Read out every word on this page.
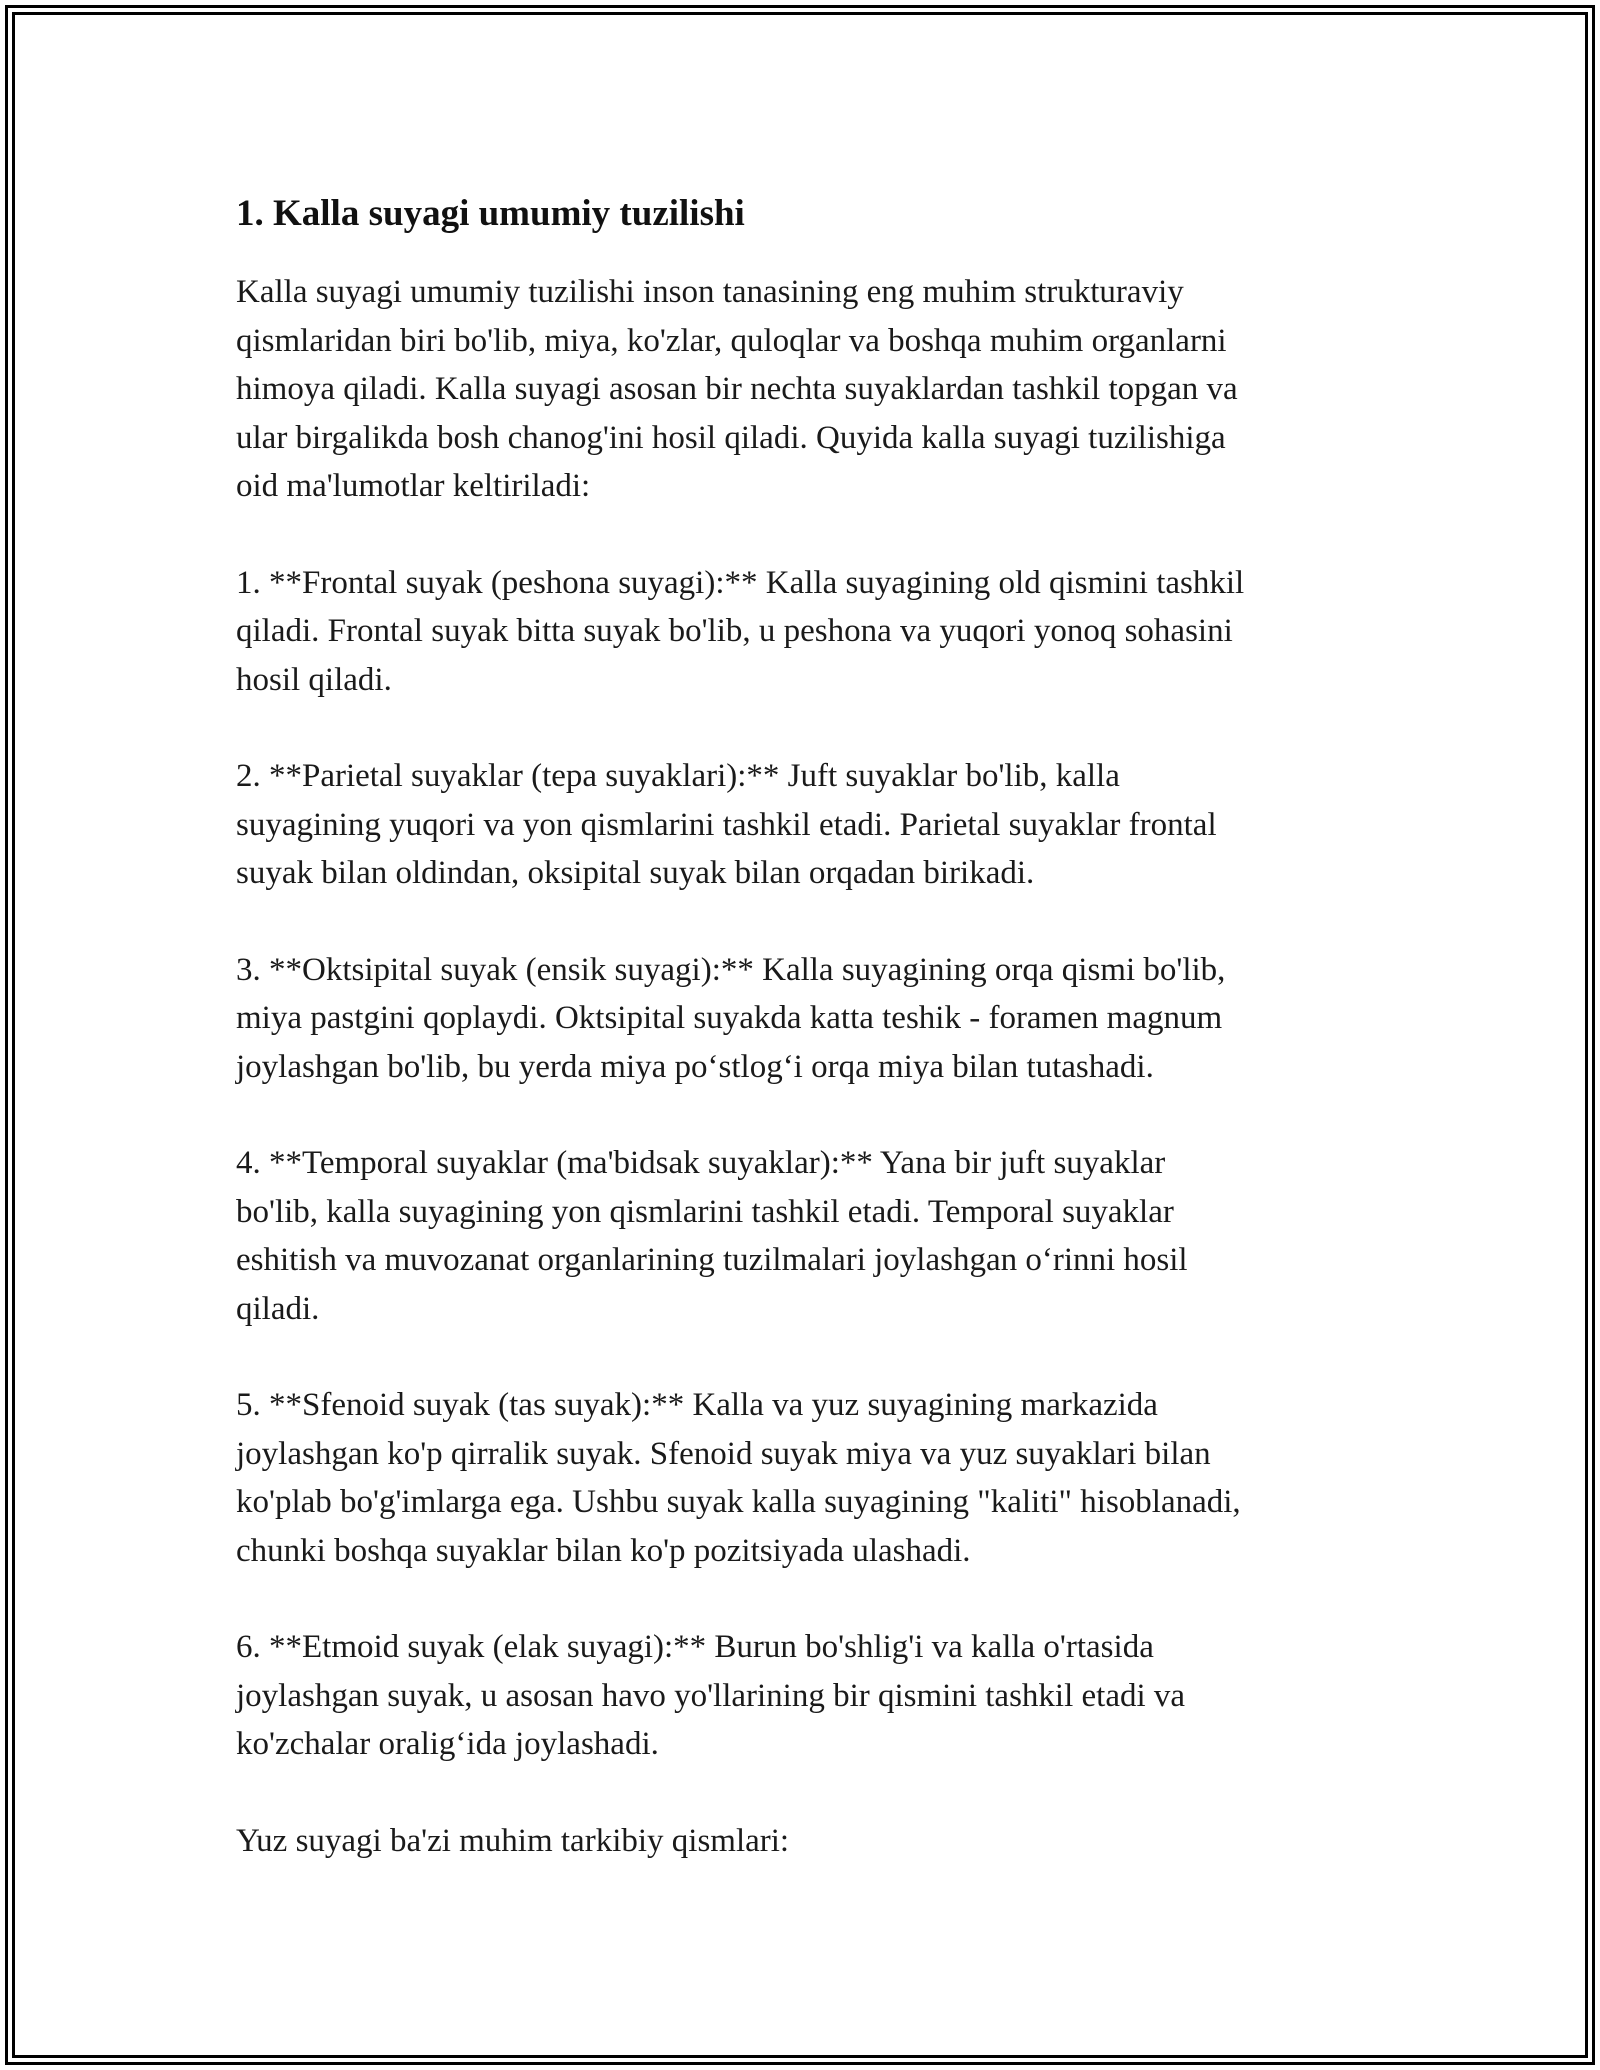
1. Kalla suyagi umumiy tuzilishi

Kalla suyagi umumiy tuzilishi inson tanasining eng muhim strukturaviy
qismlaridan biri bo'lib, miya, ko'zlar, quloqlar va boshqa muhim organlarni
himoya qiladi. Kalla suyagi asosan bir nechta suyaklardan tashkil topgan va
ular birgalikda bosh chanog'ini hosil qiladi. Quyida kalla suyagi tuzilishiga
oid ma'lumotlar keltiriladi:

1. **Frontal suyak (peshona suyagi):** Kalla suyagining old qismini tashkil
qiladi. Frontal suyak bitta suyak bo'lib, u peshona va yuqori yonoq sohasini
hosil qiladi.

2. **Parietal suyaklar (tepa suyaklari):** Juft suyaklar bo'lib, kalla
suyagining yuqori va yon qismlarini tashkil etadi. Parietal suyaklar frontal
suyak bilan oldindan, oksipital suyak bilan orqadan birikadi.

3. **Oktsipital suyak (ensik suyagi):** Kalla suyagining orqa qismi bo'lib,
miya pastgini qoplaydi. Oktsipital suyakda katta teshik - foramen magnum
joylashgan bo'lib, bu yerda miya po‘stlog‘i orqa miya bilan tutashadi.

4. **Temporal suyaklar (ma'bidsak suyaklar):** Yana bir juft suyaklar
bo'lib, kalla suyagining yon qismlarini tashkil etadi. Temporal suyaklar
eshitish va muvozanat organlarining tuzilmalari joylashgan o‘rinni hosil
qiladi.

5. **Sfenoid suyak (tas suyak):** Kalla va yuz suyagining markazida
joylashgan ko'p qirralik suyak. Sfenoid suyak miya va yuz suyaklari bilan
ko'plab bo'g'imlarga ega. Ushbu suyak kalla suyagining "kaliti" hisoblanadi,
chunki boshqa suyaklar bilan ko'p pozitsiyada ulashadi.

6. **Etmoid suyak (elak suyagi):** Burun bo'shlig'i va kalla o'rtasida
joylashgan suyak, u asosan havo yo'llarining bir qismini tashkil etadi va
ko'zchalar oralig‘ida joylashadi.

Yuz suyagi ba'zi muhim tarkibiy qismlari:
